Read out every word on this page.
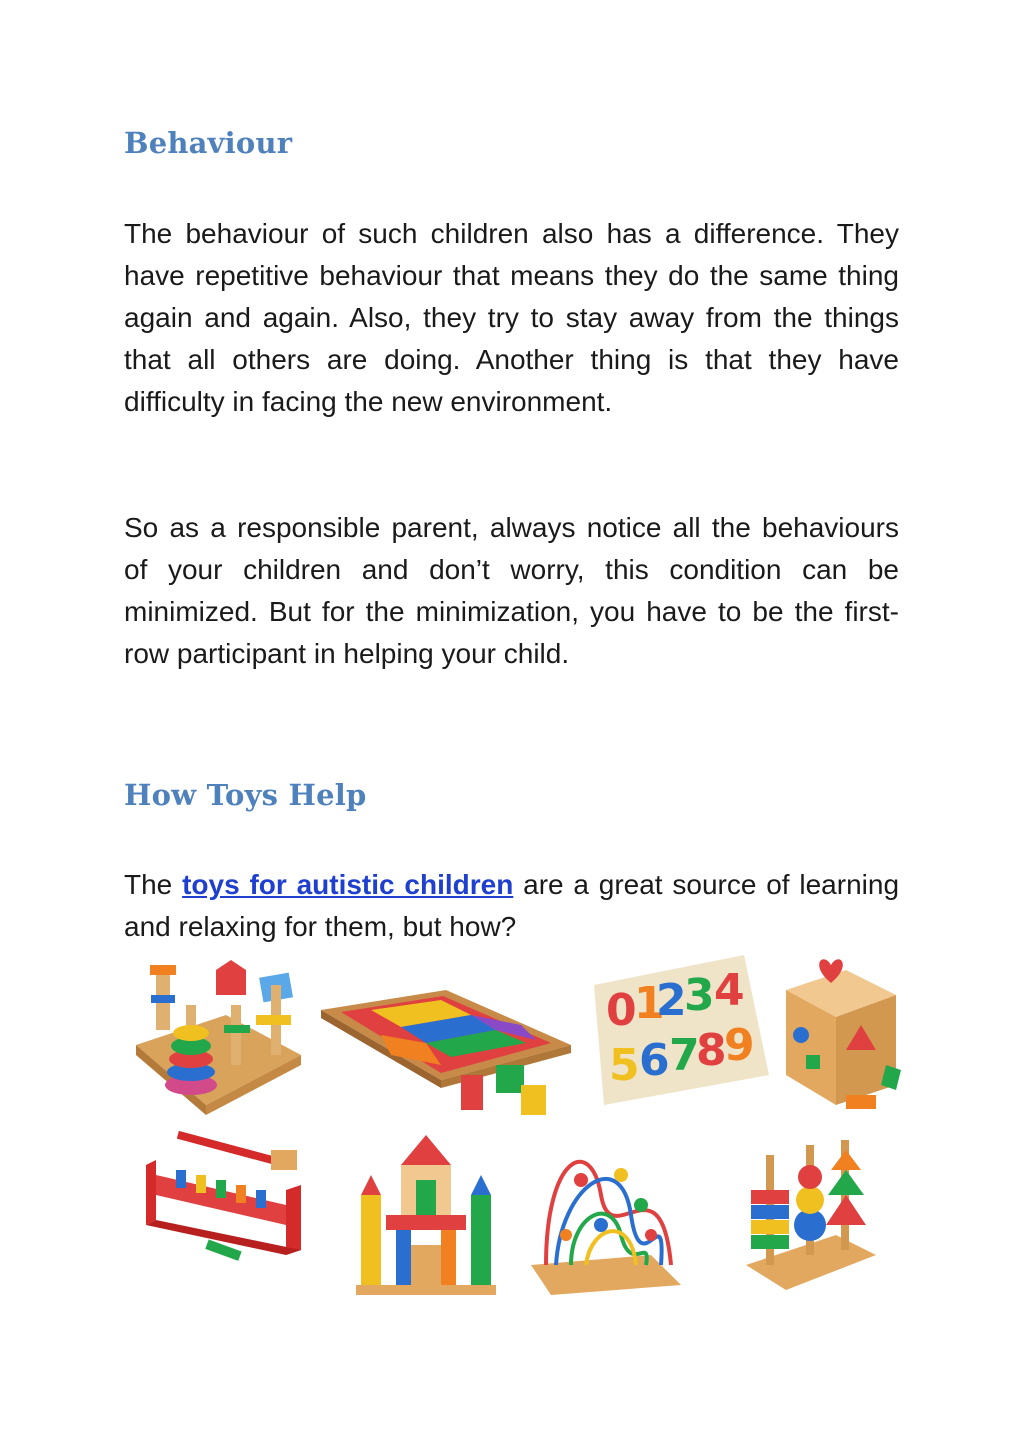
Behaviour

The behaviour of such children also has a difference. They have repetitive behaviour that means they do the same thing again and again. Also, they try to stay away from the things that all others are doing. Another thing is that they have difficulty in facing the new environment.

So as a responsible parent, always notice all the behaviours of your children and don’t worry, this condition can be minimized. But for the minimization, you have to be the first-row participant in helping your child.

How Toys Help

The toys for autistic children are a great source of learning and relaxing for them, but how?

0
1
2
3 4
5 6 7
8
9
